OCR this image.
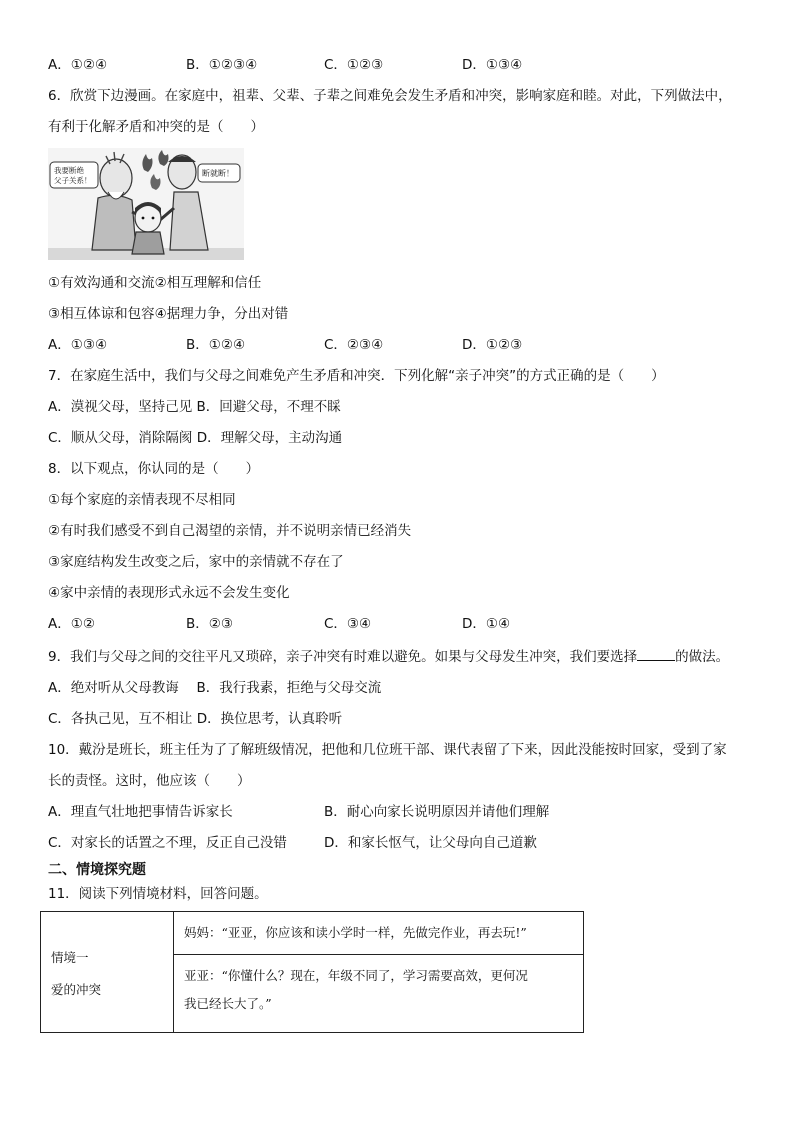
A．①②④	B．①②③④	C．①②③	D．①③④
6．欣赏下边漫画。在家庭中，祖辈、父辈、子辈之间难免会发生矛盾和冲突，影响家庭和睦。对此，下列做法中，
有利于化解矛盾和冲突的是（　　）
我要断绝
父子关系！
断就断！
①有效沟通和交流②相互理解和信任
③相互体谅和包容④据理力争，分出对错
A．①③④	B．①②④	C．②③④	D．①②③
7．在家庭生活中，我们与父母之间难免产生矛盾和冲突．下列化解“亲子冲突”的方式正确的是（　　）
A．漠视父母，坚持己见 B．回避父母，不理不睬
C．顺从父母，消除隔阂 D．理解父母，主动沟通
8．以下观点，你认同的是（　　）
①每个家庭的亲情表现不尽相同
②有时我们感受不到自己渴望的亲情，并不说明亲情已经消失
③家庭结构发生改变之后，家中的亲情就不存在了
④家中亲情的表现形式永远不会发生变化
A．①②	B．②③	C．③④	D．①④
9．我们与父母之间的交往平凡又琐碎，亲子冲突有时难以避免。如果与父母发生冲突，我们要选择	的做法。
A．绝对听从父母教诲　 B．我行我素，拒绝与父母交流
C．各执己见，互不相让 D．换位思考，认真聆听
10．戴汾是班长，班主任为了了解班级情况，把他和几位班干部、课代表留了下来，因此没能按时回家，受到了家
长的责怪。这时，他应该（　　）
A．理直气壮地把事情告诉家长	B．耐心向家长说明原因并请他们理解
C．对家长的话置之不理，反正自己没错	D．和家长怄气，让父母向自己道歉
二、情境探究题
11．阅读下列情境材料，回答问题。
情境一
爱的冲突
妈妈：“亚亚，你应该和读小学时一样，先做完作业，再去玩!”
亚亚：“你懂什么？现在，年级不同了，学习需要高效，更何况
我已经长大了。”
